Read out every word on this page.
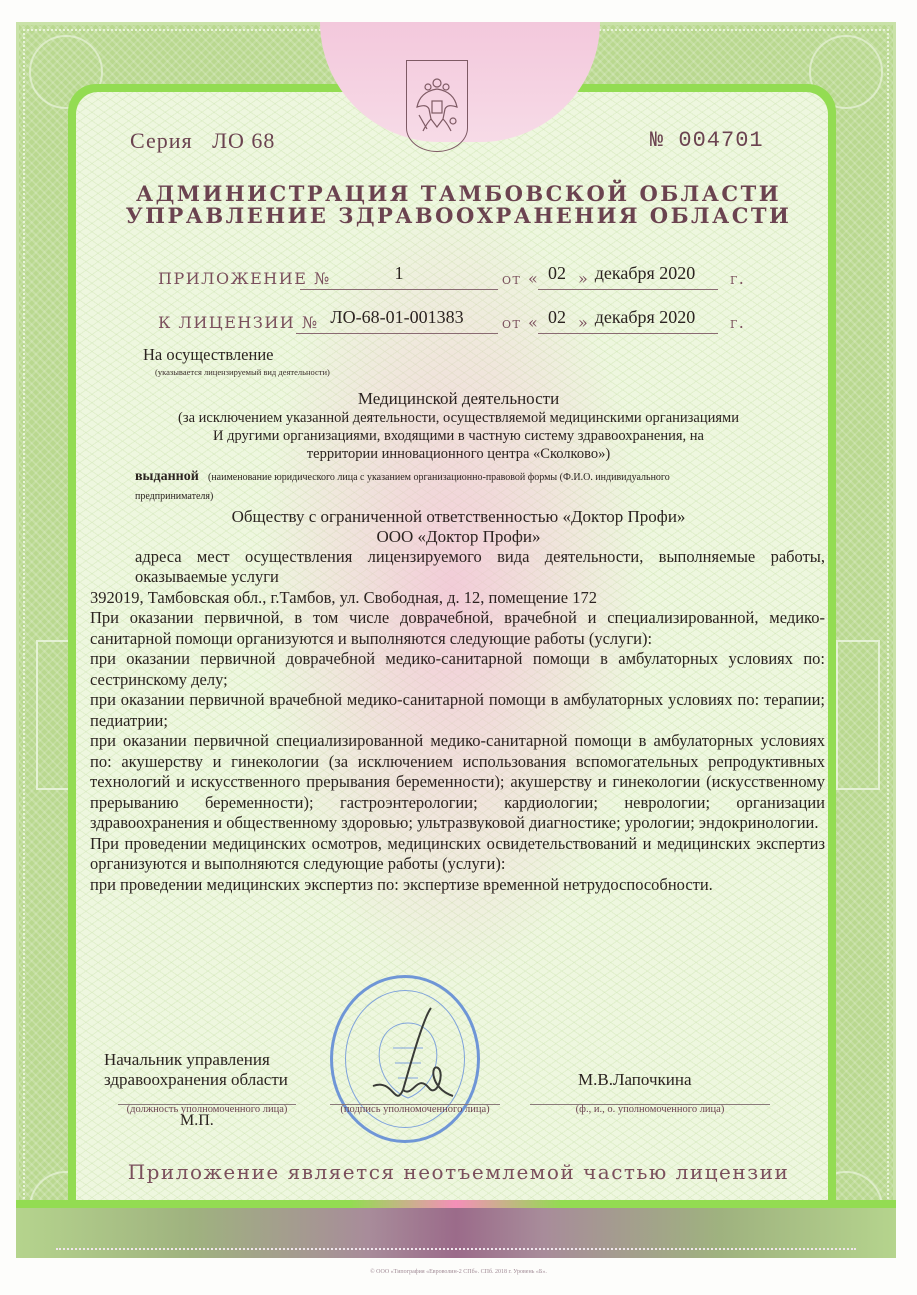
Серия ЛО 68	№ 004701
АДМИНИСТРАЦИЯ ТАМБОВСКОЙ ОБЛАСТИ
УПРАВЛЕНИЕ ЗДРАВООХРАНЕНИЯ ОБЛАСТИ
ПРИЛОЖЕНИЕ №	1	от « 02 » декабря 2020	г.
К ЛИЦЕНЗИИ № ЛО-68-01-001383	от « 02 » декабря 2020	г.
На осуществление
(указывается лицензируемый вид деятельности)
Медицинской деятельности
(за исключением указанной деятельности, осуществляемой медицинскими организациями
И другими организациями, входящими в частную систему здравоохранения, на
территории инновационного центра «Сколково»)
выданной (наименование юридического лица с указанием организационно-правовой формы (Ф.И.О. индивидуального
предпринимателя)
Обществу с ограниченной ответственностью «Доктор Профи»
ООО «Доктор Профи»
адреса мест осуществления лицензируемого вида деятельности, выполняемые работы,
оказываемые услуги
392019, Тамбовская обл., г.Тамбов, ул. Свободная, д. 12, помещение 172
При оказании первичной, в том числе доврачебной, врачебной и специализированной, медико-санитарной помощи организуются и выполняются следующие работы (услуги):
при оказании первичной доврачебной медико-санитарной помощи в амбулаторных условиях по: сестринскому делу;
при оказании первичной врачебной медико-санитарной помощи в амбулаторных условиях по: терапии; педиатрии;
при оказании первичной специализированной медико-санитарной помощи в амбулаторных условиях по: акушерству и гинекологии (за исключением использования вспомогательных репродуктивных технологий и искусственного прерывания беременности); акушерству и гинекологии (искусственному прерыванию беременности); гастроэнтерологии; кардиологии; неврологии; организации здравоохранения и общественному здоровью; ультразвуковой диагностике; урологии; эндокринологии.
При проведении медицинских осмотров, медицинских освидетельствований и медицинских экспертиз организуются и выполняются следующие работы (услуги):
при проведении медицинских экспертиз по: экспертизе временной нетрудоспособности.
Начальник управления
здравоохранения области	М.В.Лапочкина
(должность уполномоченного лица)	(подпись уполномоченного лица)	(ф., и., о. уполномоченного лица)
М.П.
Приложение является неотъемлемой частью лицензии
© ООО «Типография «Евроволин-2 СПб». СПб. 2018 г. Уровень «Б».
